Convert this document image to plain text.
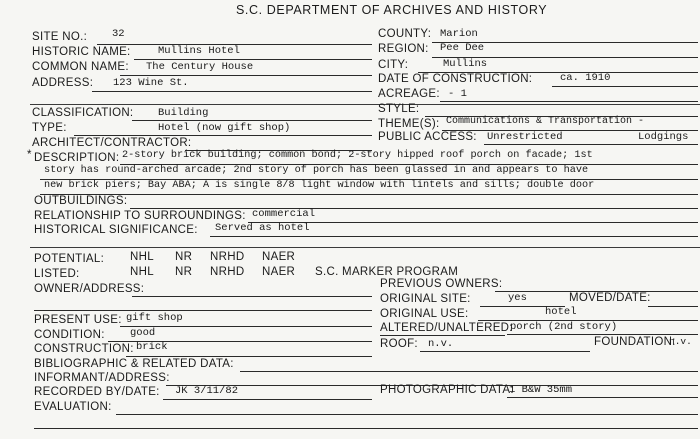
S.C. DEPARTMENT OF ARCHIVES AND HISTORY
SITE NO.: 32
HISTORIC NAME:	Mullins Hotel
COMMON NAME: The Century House
ADDRESS: 123 Wine St.
COUNTY: Marion
REGION: Pee Dee
CITY:	Mullins
DATE OF CONSTRUCTION:	ca. 1910
ACREAGE: - 1
CLASSIFICATION: Building
TYPE:	Hotel (now gift shop)
ARCHITECT/CONTRACTOR:
STYLE:
THEME(S): Communications & Transportation -
PUBLIC ACCESS: Unrestricted	Lodgings
* DESCRIPTION: 2-story brick building; common bond; 2-story hipped roof porch on facade; 1st
story has round-arched arcade; 2nd story of porch has been glassed in and appears to have
new brick piers; Bay ABA; A is single 8/8 light window with lintels and sills; double door
OUTBUILDINGS:
RELATIONSHIP TO SURROUNDINGS: commercial
HISTORICAL SIGNIFICANCE: Served as hotel
POTENTIAL: NHL NR NRHD NAER
LISTED:	NHL NR NRHD NAER S.C. MARKER PROGRAM
OWNER/ADDRESS:	PREVIOUS OWNERS:
ORIGINAL SITE:	yes	MOVED/DATE:
PRESENT USE: gift shop	ORIGINAL USE:	hotel
CONDITION: good	ALTERED/UNALTERED:
porch (2nd story)
CONSTRUCTION: brick	ROOF: n.v.	FOUNDATION:
n.v.
BIBLIOGRAPHIC & RELATED DATA:
INFORMANT/ADDRESS:
RECORDED BY/DATE: JK 3/11/82	PHOTOGRAPHIC DATA:
1 B&W 35mm
EVALUATION:
